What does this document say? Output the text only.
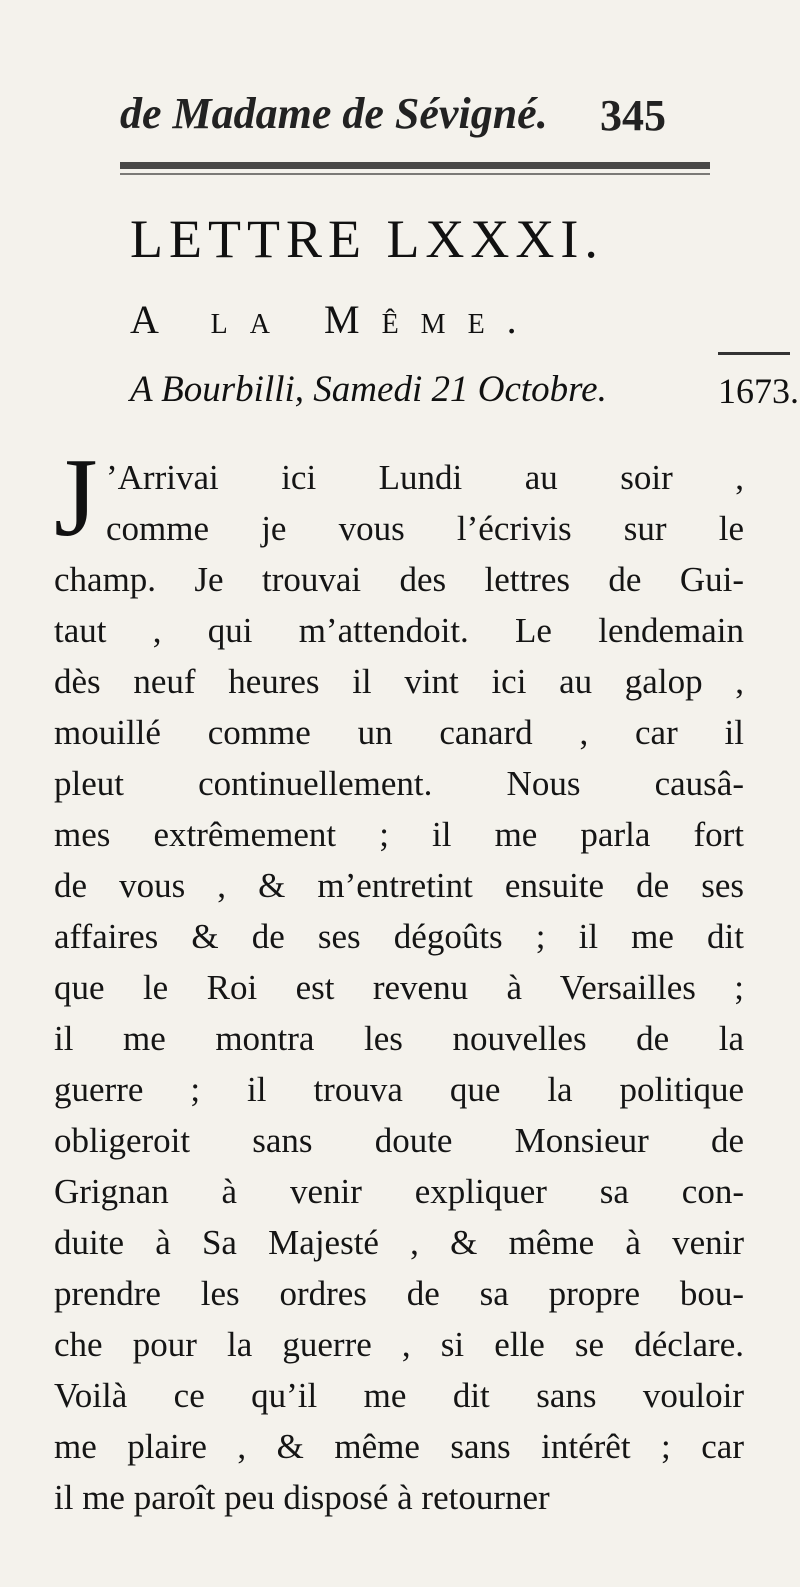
de Madame de Sévigné. 345
LETTRE LXXXI.
A la Même.
A Bourbilli, Samedi 21 Octobre.	1673.
J ’Arrivai ici Lundi au soir ,
comme je vous l’écrivis sur le
champ. Je trouvai des lettres de Gui-
taut , qui m’attendoit. Le lendemain
dès neuf heures il vint ici au galop ,
mouillé comme un canard , car il
pleut continuellement. Nous causâ-
mes extrêmement ; il me parla fort
de vous , & m’entretint ensuite de ses
affaires & de ses dégoûts ; il me dit
que le Roi est revenu à Versailles ;
il me montra les nouvelles de la
guerre ; il trouva que la politique
obligeroit sans doute Monsieur de
Grignan à venir expliquer sa con-
duite à Sa Majesté , & même à venir
prendre les ordres de sa propre bou-
che pour la guerre , si elle se déclare.
Voilà ce qu’il me dit sans vouloir
me plaire , & même sans intérêt ; car
il me paroît peu disposé à retourner
